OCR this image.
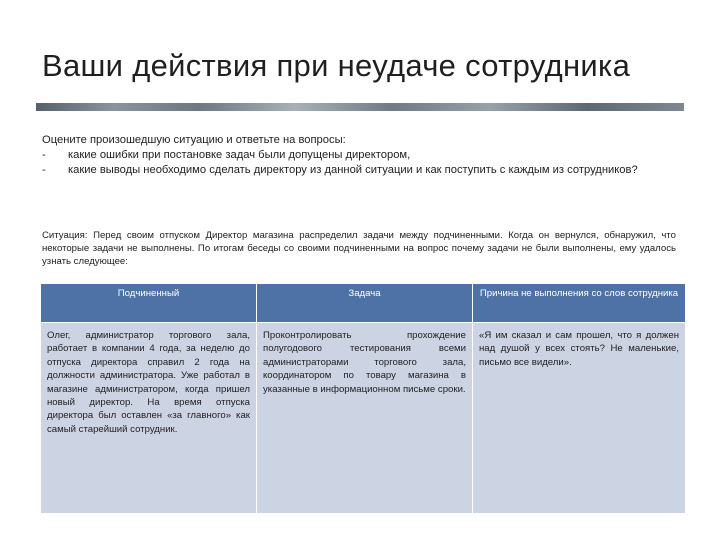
Ваши действия при неудаче сотрудника
Оцените произошедшую ситуацию и ответьте на вопросы:
-	какие ошибки при постановке задач были допущены директором,
-	какие выводы необходимо сделать директору из данной ситуации и как поступить с каждым из сотрудников?
Ситуация: Перед своим отпуском Директор магазина распределил задачи между подчиненными. Когда он вернулся, обнаружил, что некоторые задачи не выполнены. По итогам беседы со своими подчиненными на вопрос почему задачи не были выполнены, ему удалось узнать следующее:
Подчиненный	Задача	Причина не выполнения со слов сотрудника
Олег, администратор торгового зала, работает в компании 4 года, за неделю до отпуска директора справил 2 года на должности администратора. Уже работал в магазине администратором, когда пришел новый директор. На время отпуска директора был оставлен «за главного» как самый старейший сотрудник.	Проконтролировать прохождение полугодового тестирования всеми администраторами торгового зала, координатором по товару магазина в указанные в информационном письме сроки.	«Я им сказал и сам прошел, что я должен над душой у всех стоять? Не маленькие, письмо все видели».
